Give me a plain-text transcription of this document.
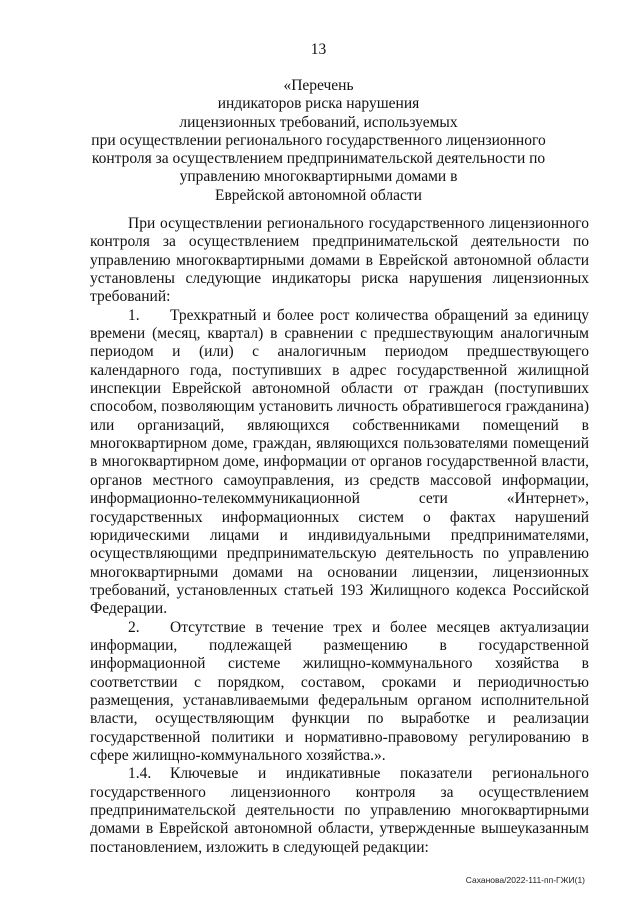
13
«Перечень
индикаторов риска нарушения
лицензионных требований, используемых
при осуществлении регионального государственного лицензионного
контроля за осуществлением предпринимательской деятельности по
управлению многоквартирными домами в
Еврейской автономной области

При осуществлении регионального государственного лицензионного контроля за осуществлением предпринимательской деятельности по управлению многоквартирными домами в Еврейской автономной области установлены следующие индикаторы риска нарушения лицензионных требований:

1. Трехкратный и более рост количества обращений за единицу времени (месяц, квартал) в сравнении с предшествующим аналогичным периодом и (или) с аналогичным периодом предшествующего календарного года, поступивших в адрес государственной жилищной инспекции Еврейской автономной области от граждан (поступивших способом, позволяющим установить личность обратившегося гражданина) или организаций, являющихся собственниками помещений в многоквартирном доме, граждан, являющихся пользователями помещений в многоквартирном доме, информации от органов государственной власти, органов местного самоуправления, из средств массовой информации, информационно-телекоммуникационной сети «Интернет», государственных информационных систем о фактах нарушений юридическими лицами и индивидуальными предпринимателями, осуществляющими предпринимательскую деятельность по управлению многоквартирными домами на основании лицензии, лицензионных требований, установленных статьей 193 Жилищного кодекса Российской Федерации.

2. Отсутствие в течение трех и более месяцев актуализации информации, подлежащей размещению в государственной информационной системе жилищно-коммунального хозяйства в соответствии с порядком, составом, сроками и периодичностью размещения, устанавливаемыми федеральным органом исполнительной власти, осуществляющим функции по выработке и реализации государственной политики и нормативно-правовому регулированию в сфере жилищно-коммунального хозяйства.».

1.4. Ключевые и индикативные показатели регионального государственного лицензионного контроля за осуществлением предпринимательской деятельности по управлению многоквартирными домами в Еврейской автономной области, утвержденные вышеуказанным постановлением, изложить в следующей редакции:

Саханова/2022-111-пп-ГЖИ(1)
